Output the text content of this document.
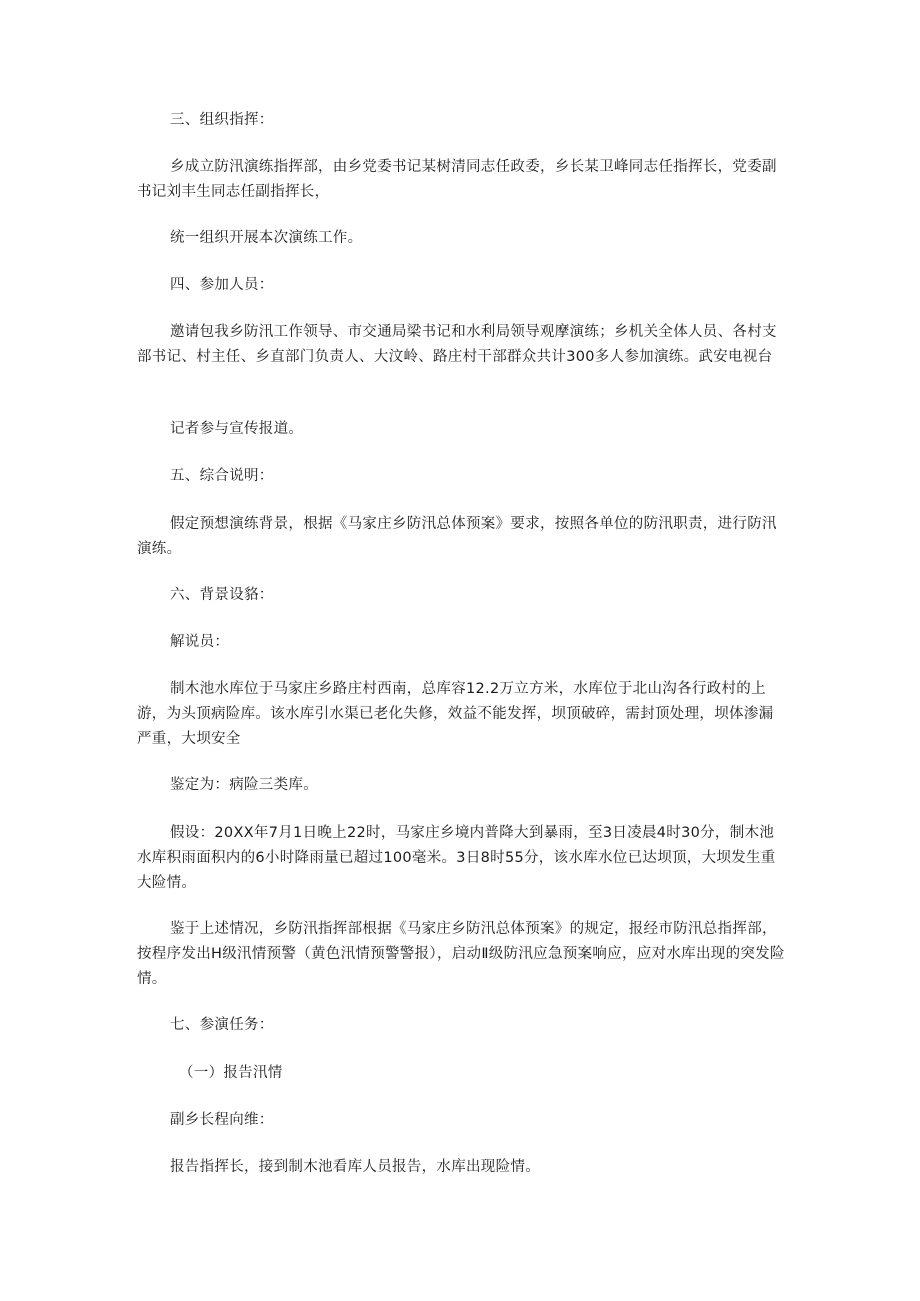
三、组织指挥：

乡成立防汛演练指挥部，由乡党委书记某树清同志任政委，乡长某卫峰同志任指挥长，党委副书记刘丰生同志任副指挥长，

统一组织开展本次演练工作。

四、参加人员：

邀请包我乡防汛工作领导、市交通局梁书记和水利局领导观摩演练；乡机关全体人员、各村支部书记、村主任、乡直部门负责人、大汶岭、路庄村干部群众共计300多人参加演练。武安电视台

记者参与宣传报道。

五、综合说明：

假定预想演练背景，根据《马家庄乡防汛总体预案》要求，按照各单位的防汛职责，进行防汛演练。

六、背景设貉：

解说员：

制木池水库位于马家庄乡路庄村西南，总库容12.2万立方米，水库位于北山沟各行政村的上游，为头顶病险库。该水库引水渠已老化失修，效益不能发挥，坝顶破碎，需封顶处理，坝体渗漏严重，大坝安全

鉴定为：病险三类库。

假设：20XX年7月1日晚上22时，马家庄乡境内普降大到暴雨，至3日凌晨4时30分，制木池水库积雨面积内的6小时降雨量已超过100毫米。3日8时55分，该水库水位已达坝顶，大坝发生重大险情。

鉴于上述情况，乡防汛指挥部根据《马家庄乡防汛总体预案》的规定，报经市防汛总指挥部，按程序发出H级汛情预警（黄色汛情预警警报），启动Ⅱ级防汛应急预案响应，应对水库出现的突发险情。

七、参演任务：

（一）报告汛情

副乡长程向维：

报告指挥长，接到制木池看库人员报告，水库出现险情。
